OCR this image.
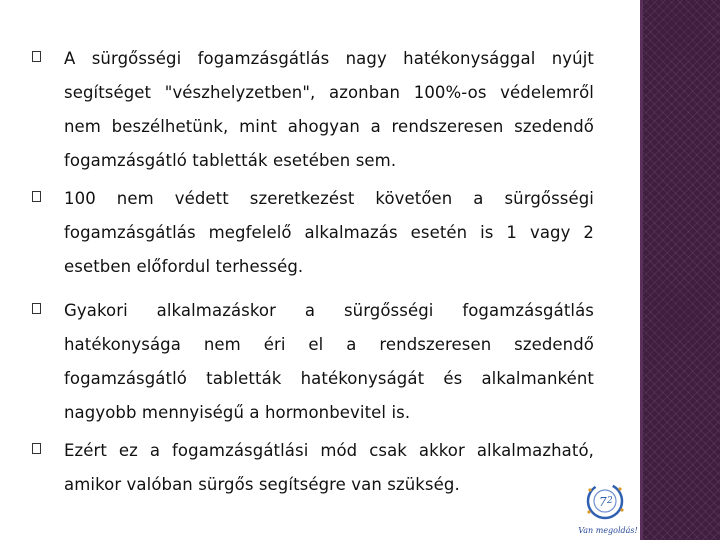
A sürgősségi fogamzásgátlás nagy hatékonysággal nyújt segítséget "vészhelyzetben", azonban 100%-os védelemről nem beszélhetünk, mint ahogyan a rendszeresen szedendő fogamzásgátló tabletták esetében sem.

100 nem védett szeretkezést követően a sürgősségi fogamzásgátlás megfelelő alkalmazás esetén is 1 vagy 2 esetben előfordul terhesség.

Gyakori alkalmazáskor a sürgősségi fogamzásgátlás hatékonysága nem éri el a rendszeresen szedendő fogamzásgátló tabletták hatékonyságát és alkalmanként nagyobb mennyiségű a hormonbevitel is.

Ezért ez a fogamzásgátlási mód csak akkor alkalmazható, amikor valóban sürgős segítségre van szükség.

7 2
Van megoldás!
